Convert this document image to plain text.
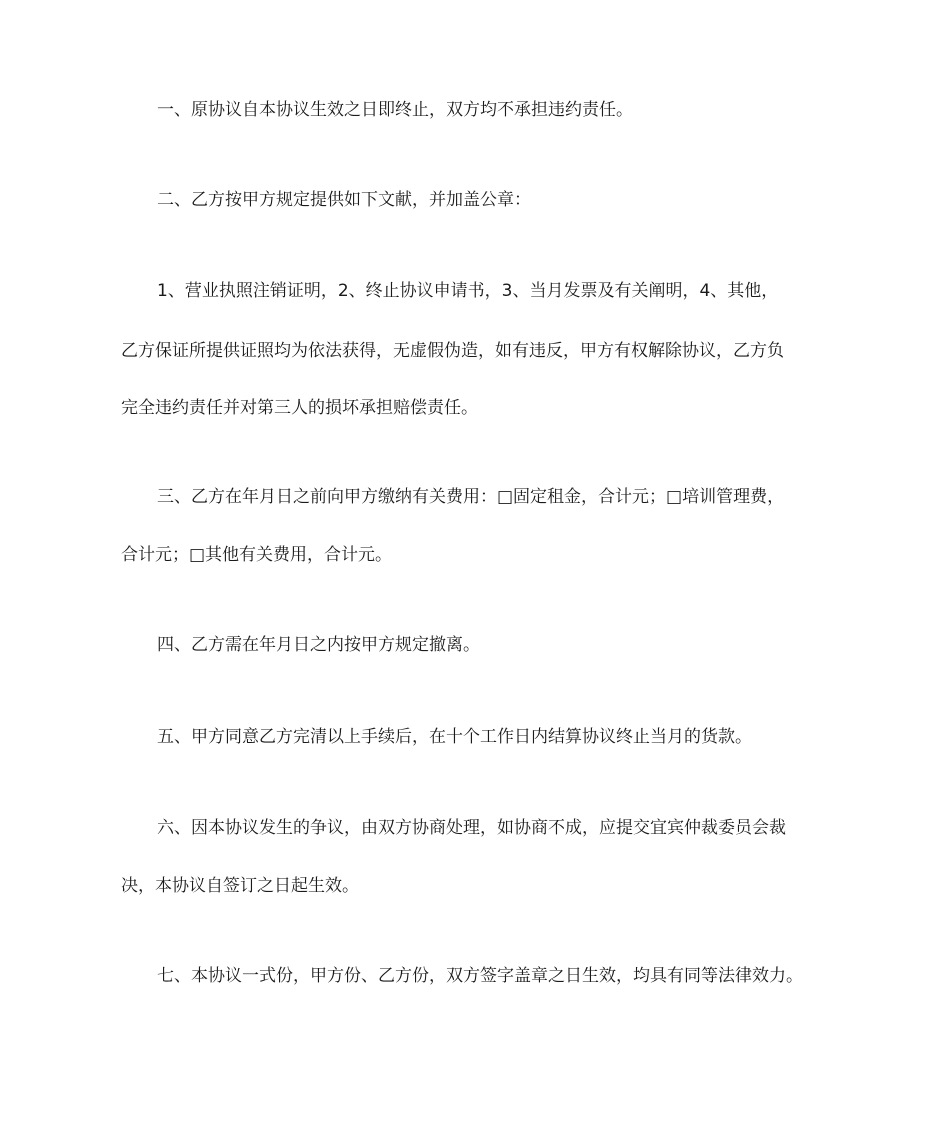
一、原协议自本协议生效之日即终止，双方均不承担违约责任。
二、乙方按甲方规定提供如下文献，并加盖公章：
1、营业执照注销证明，2、终止协议申请书，3、当月发票及有关阐明，4、其他，
乙方保证所提供证照均为依法获得，无虚假伪造，如有违反，甲方有权解除协议，乙方负
完全违约责任并对第三人的损坏承担赔偿责任。
三、乙方在年月日之前向甲方缴纳有关费用：□固定租金，合计元；□培训管理费，
合计元；□其他有关费用，合计元。
四、乙方需在年月日之内按甲方规定撤离。
五、甲方同意乙方完清以上手续后，在十个工作日内结算协议终止当月的货款。
六、因本协议发生的争议，由双方协商处理，如协商不成，应提交宜宾仲裁委员会裁
决，本协议自签订之日起生效。
七、本协议一式份，甲方份、乙方份，双方签字盖章之日生效，均具有同等法律效力。
